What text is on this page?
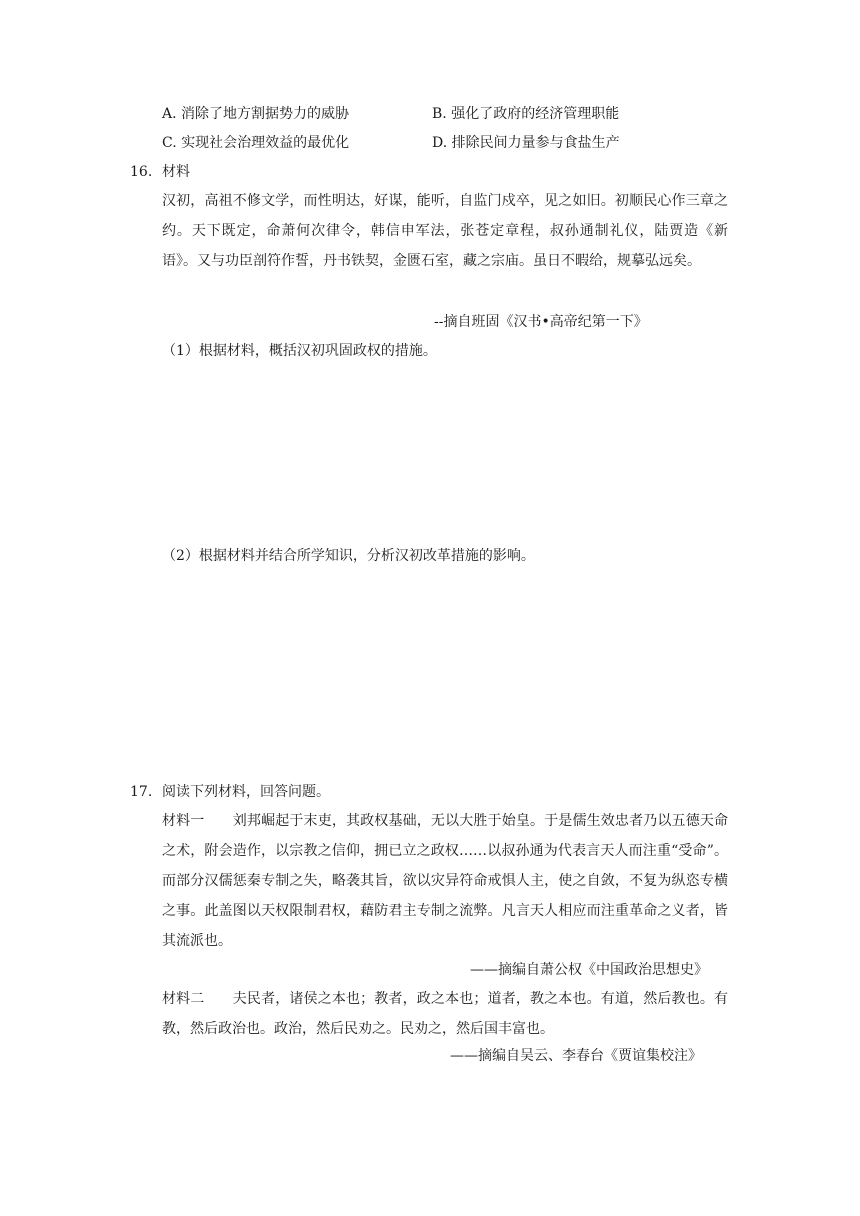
A. 消除了地方割据势力的威胁	B. 强化了政府的经济管理职能
C. 实现社会治理效益的最优化	D. 排除民间力量参与食盐生产
16. 材料
汉初，高祖不修文学，而性明达，好谋，能听，自监门戍卒，见之如旧。初顺民心作三章之约。天下既定，命萧何次律令，韩信申军法，张苍定章程，叔孙通制礼仪，陆贾造《新语》。又与功臣剖符作誓，丹书铁契，金匮石室，藏之宗庙。虽日不暇给，规摹弘远矣。
--摘自班固《汉书•高帝纪第一下》
（1）根据材料，概括汉初巩固政权的措施。
（2）根据材料并结合所学知识，分析汉初改革措施的影响。
17. 阅读下列材料，回答问题。
材料一　　刘邦崛起于末吏，其政权基础，无以大胜于始皇。于是儒生效忠者乃以五德天命之术，附会造作，以宗教之信仰，拥已立之政权……以叔孙通为代表言天人而注重“受命”。而部分汉儒惩秦专制之失，略袭其旨，欲以灾异符命戒惧人主，使之自敛，不复为纵恣专横之事。此盖图以天权限制君权，藉防君主专制之流弊。凡言天人相应而注重革命之义者，皆其流派也。
——摘编自萧公权《中国政治思想史》
材料二　　夫民者，诸侯之本也；教者，政之本也；道者，教之本也。有道，然后教也。有教，然后政治也。政治，然后民劝之。民劝之，然后国丰富也。
——摘编自吴云、李春台《贾谊集校注》
